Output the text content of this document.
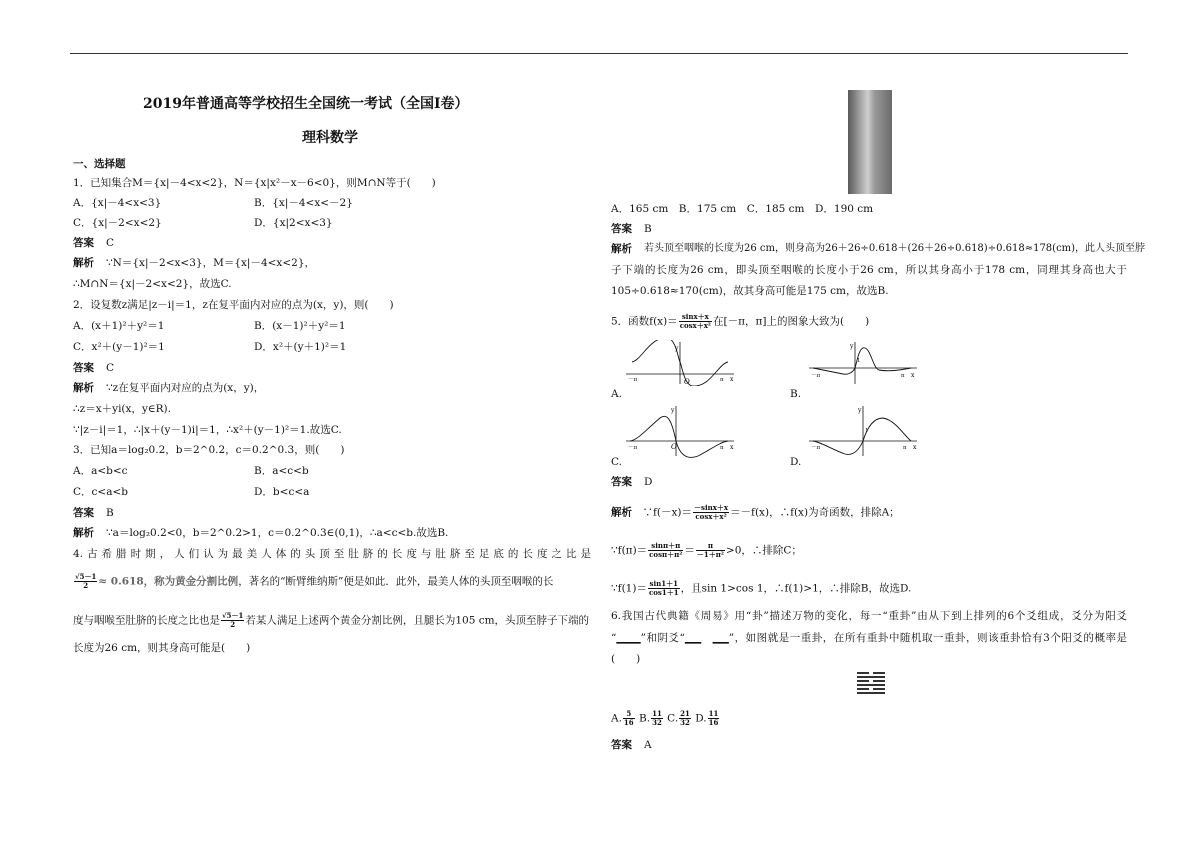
2019年普通高等学校招生全国统一考试（全国Ⅰ卷）
理科数学
一、选择题
1．已知集合M＝{x|－4<x<2}，N＝{x|x²－x－6<0}，则M∩N等于(　　)
A．{x|－4<x<3}	B．{x|－4<x<－2}
C．{x|－2<x<2}	D．{x|2<x<3}
答案 C
解析 ∵N＝{x|－2<x<3}，M＝{x|－4<x<2}，
∴M∩N＝{x|－2<x<2}，故选C.
2．设复数z满足|z－i|＝1，z在复平面内对应的点为(x，y)，则(　　)
A．(x＋1)²＋y²＝1	B．(x－1)²＋y²＝1
C．x²＋(y－1)²＝1	D．x²＋(y＋1)²＝1
答案 C
解析 ∵z在复平面内对应的点为(x，y)，
∴z＝x＋yi(x，y∈R).
∵|z－i|＝1，∴|x＋(y－1)i|＝1，∴x²＋(y－1)²＝1.故选C.
3．已知a＝log₂0.2，b＝2^0.2，c＝0.2^0.3，则(　　)
A．a<b<c	B．a<c<b
C．c<a<b	D．b<c<a
答案 B
解析 ∵a＝log₂0.2<0，b＝2^0.2>1，c＝0.2^0.3∈(0,1)，∴a<c<b.故选B.
4.古希腊时期，人们认为最美人体的头顶至肚脐的长度与肚脐至足底的长度之比是
$\frac{√5-1}{2} \approx 0.618$，称为黄金分割比例，著名的“断臂维纳斯”便是如此．此外，最美人体的头顶至咽喉的长
度与咽喉至肚脐的长度之比也是 $\frac{√5-1}{2}$ 若某人满足上述两个黄金分割比例，且腿长为105 cm，头顶至脖子下端的
长度为26 cm，则其身高可能是(　　)
A．165 cm　B．175 cm　C．185 cm　D．190 cm
答案 B
解析 若头顶至咽喉的长度为26 cm，则身高为26＋26÷0.618＋(26＋26÷0.618)÷0.618≈178(cm)，此人头顶至脖
子下端的长度为26 cm，即头顶至咽喉的长度小于26 cm，所以其身高小于178 cm，同理其身高也大于
105÷0.618≈170(cm)，故其身高可能是175 cm，故选B.
5．函数$f(x)= \frac{\sin x+x}{\text{cosx＋x²}}$ 在[－π，π]上的图象大致为(　　)
y
O
－π	π x
A.
y
1
－π	π x
B.
y
O
－π	π x
C.
y
1
－π	π x
D.
答案 D
解析　 ∵f(－x)＝ $\frac{-\sin x+x}{\text{cosx＋x²}} =-f(x)$，∴f(x)为奇函数，排除A；
∵f(π)＝ $\frac{\sin\pi+\pi}{\text{cosπ＋π²}} = \frac{\pi}{\text{－1＋π²}} >0$，∴排除C；
∵f(1)＝ $\frac{\sin 1+1}{\cos 1+1}$ ，且sin 1>cos 1，∴f(1)>1，∴排除B，故选D.
6.我国古代典籍《周易》用“卦”描述万物的变化，每一“重卦”由从下到上排列的6个爻组成，爻分为阳爻
“▁▁▁”和阴爻“▁▁　▁▁”，如图就是一重卦，在所有重卦中随机取一重卦，则该重卦恰有3个阳爻的概率是
(　　)
A. $\frac{5}{16} B$. $\frac{11}{32} C$. $\frac{21}{32} D$. $\frac{11}{16}$
答案 A
